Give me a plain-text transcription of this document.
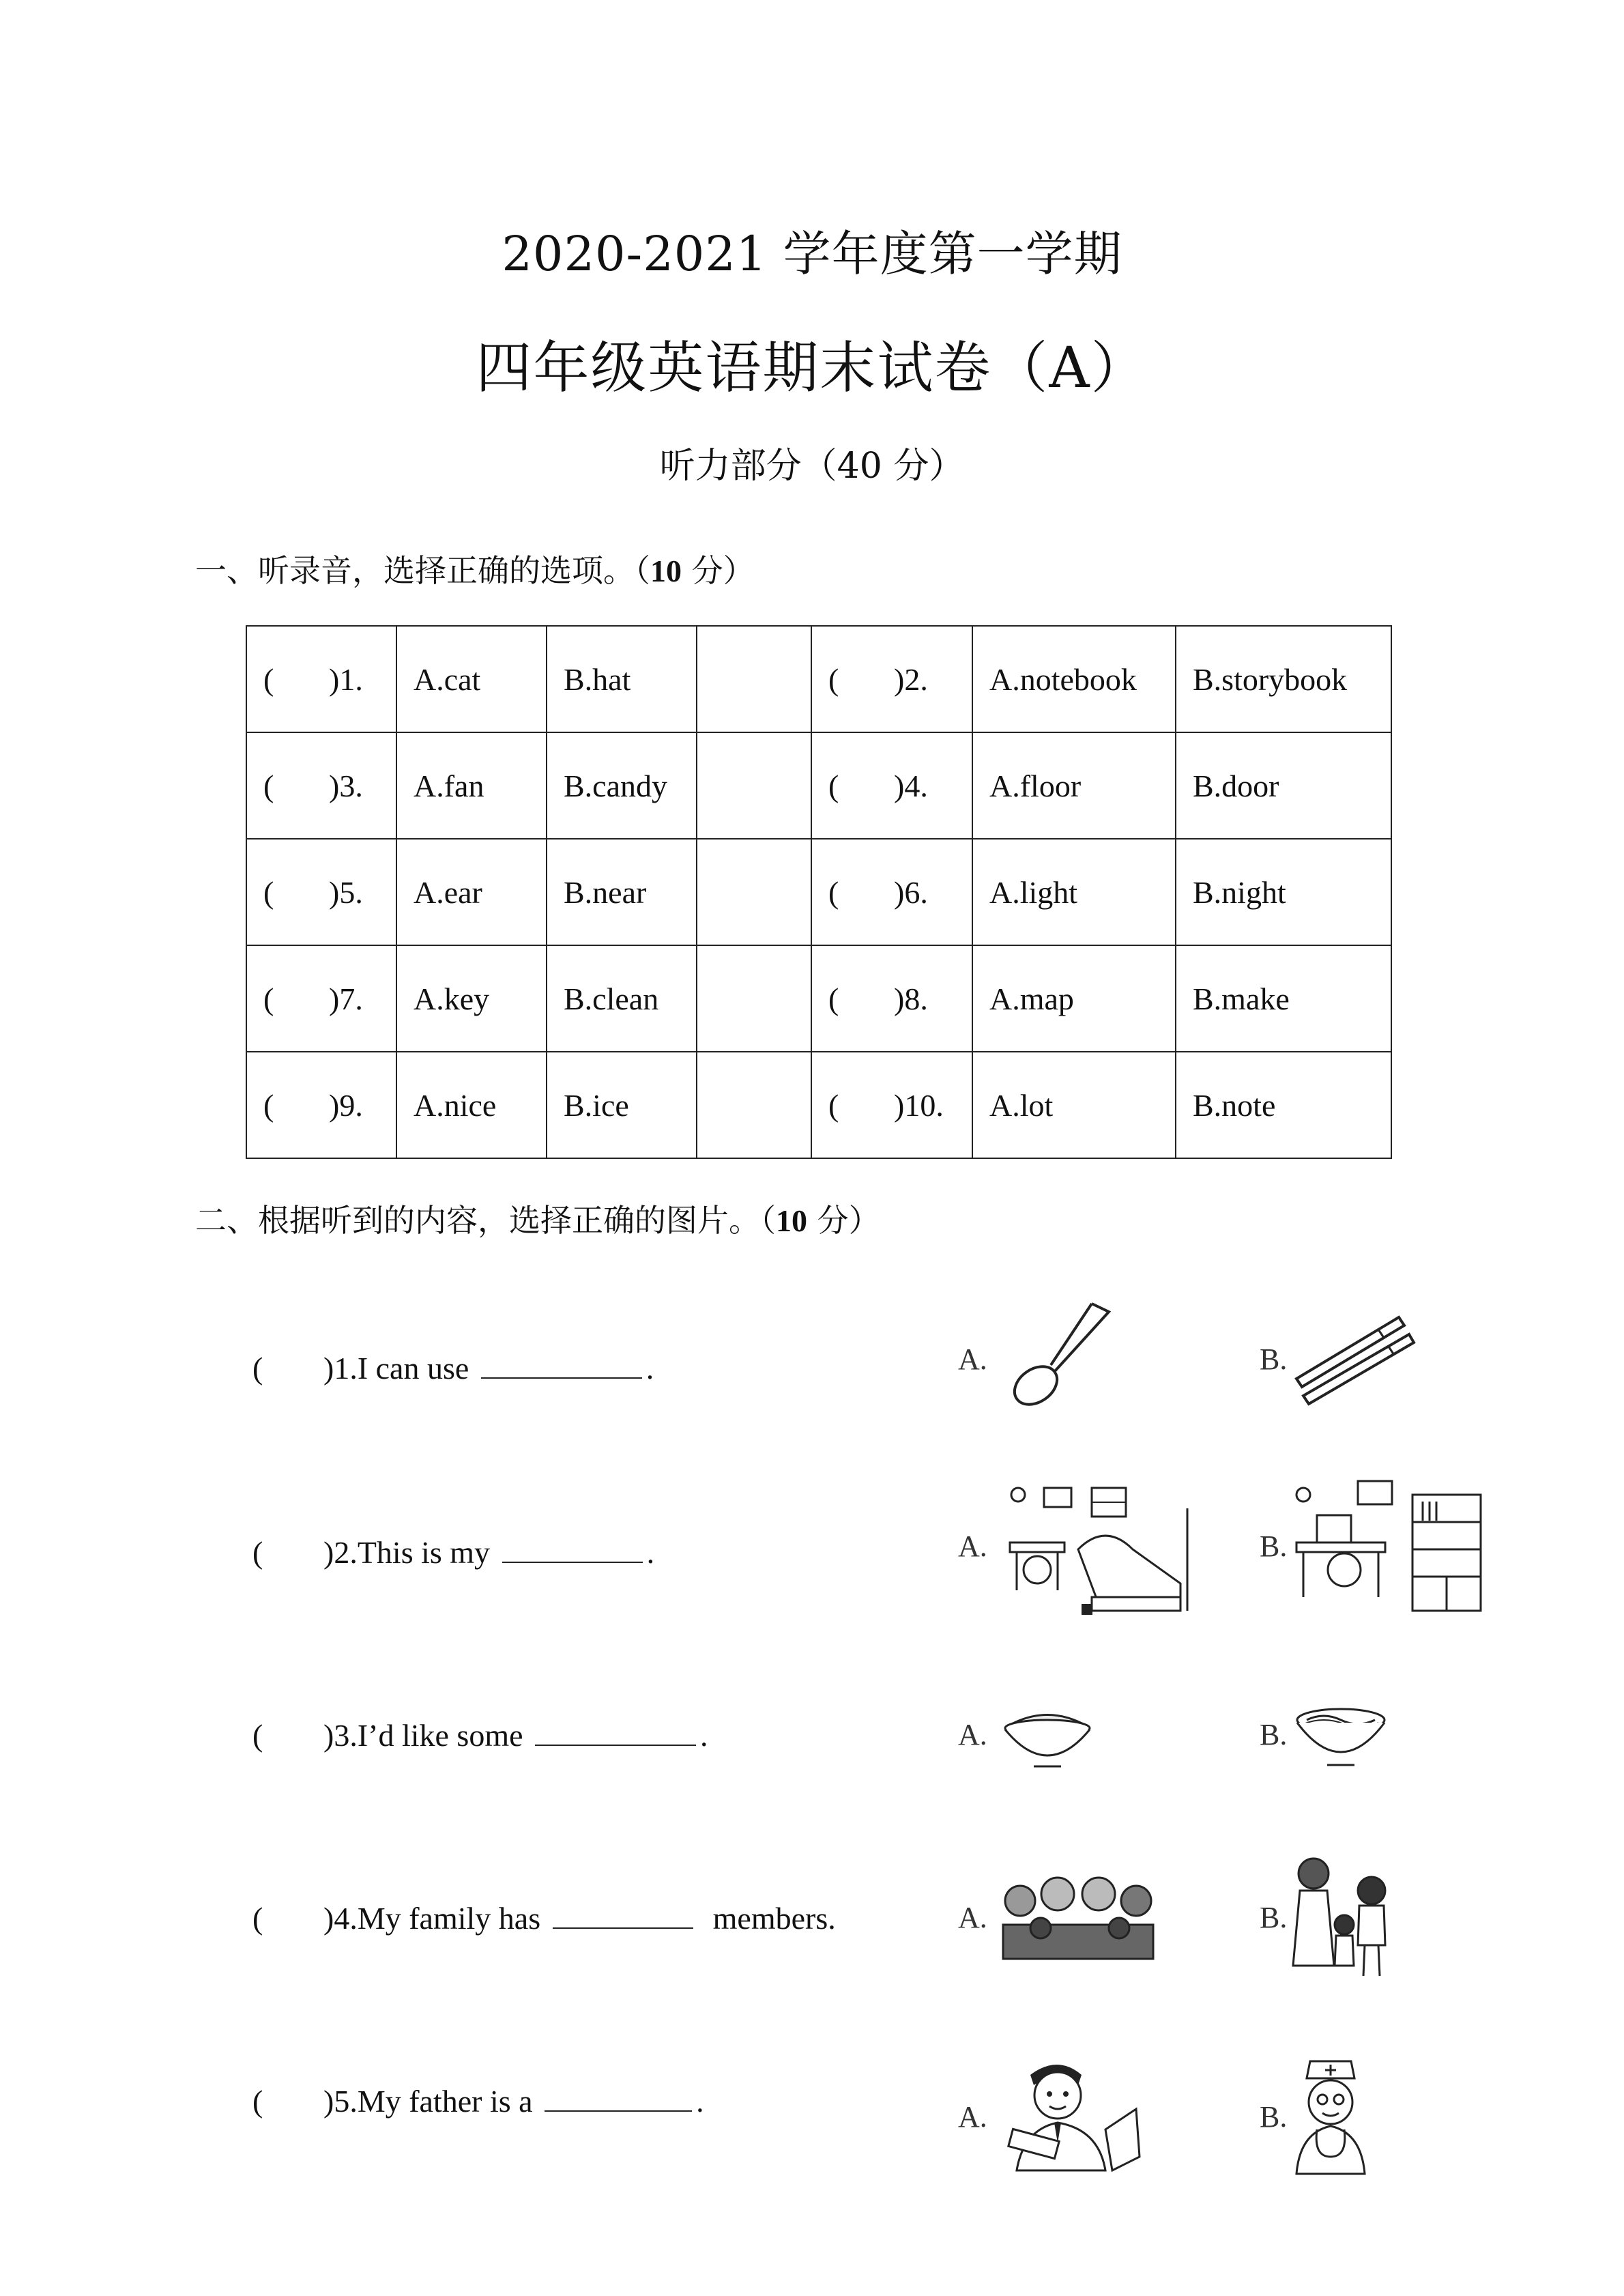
2020-2021 学年度第一学期
四年级英语期末试卷（A）
听力部分（40 分）
一、听录音，选择正确的选项。（10 分）
( )1.	A.cat	B.hat		( )2.	A.notebook	B.storybook
( )3.	A.fan	B.candy		( )4.	A.floor	B.door
( )5.	A.ear	B.near		( )6.	A.light	B.night
( )7.	A.key	B.clean		( )8.	A.map	B.make
( )9.	A.nice	B.ice		( )10.	A.lot	B.note
二、根据听到的内容，选择正确的图片。（10 分）
( )1.I can use	.	A.	B.
( )2.This is my	.	A.	B.
( )3.I’d like some	.	A.	B.
( )4.My family has	members.	A.	B.
( )5.My father is a	.	A.	B.
